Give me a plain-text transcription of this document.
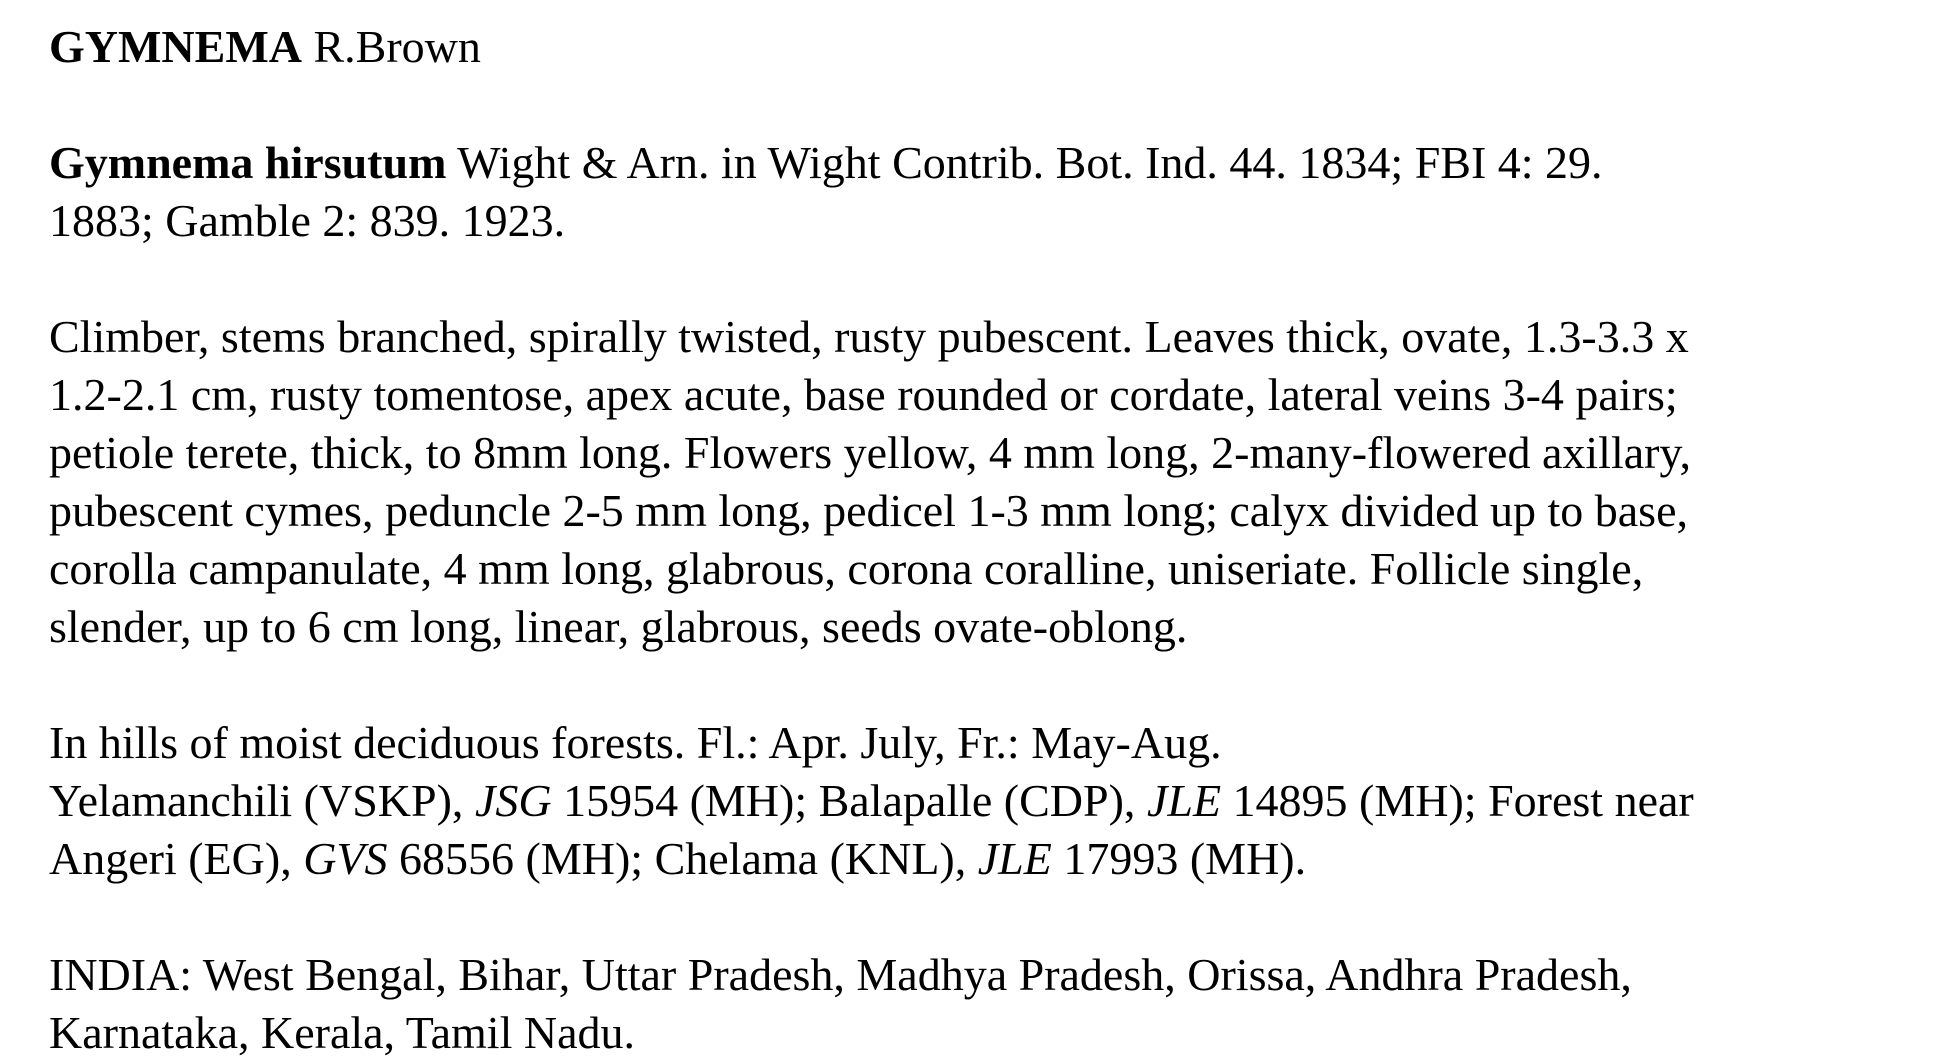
GYMNEMA R.Brown

Gymnema hirsutum Wight & Arn. in Wight Contrib. Bot. Ind. 44. 1834; FBI 4: 29.
1883; Gamble 2: 839. 1923.

Climber, stems branched, spirally twisted, rusty pubescent. Leaves thick, ovate, 1.3-3.3 x
1.2-2.1 cm, rusty tomentose, apex acute, base rounded or cordate, lateral veins 3-4 pairs;
petiole terete, thick, to 8mm long. Flowers yellow, 4 mm long, 2-many-flowered axillary,
pubescent cymes, peduncle 2-5 mm long, pedicel 1-3 mm long; calyx divided up to base,
corolla campanulate, 4 mm long, glabrous, corona coralline, uniseriate. Follicle single,
slender, up to 6 cm long, linear, glabrous, seeds ovate-oblong.

In hills of moist deciduous forests. Fl.: Apr. July, Fr.: May-Aug.
Yelamanchili (VSKP), JSG 15954 (MH); Balapalle (CDP), JLE 14895 (MH); Forest near
Angeri (EG), GVS 68556 (MH); Chelama (KNL), JLE 17993 (MH).

INDIA: West Bengal, Bihar, Uttar Pradesh, Madhya Pradesh, Orissa, Andhra Pradesh,
Karnataka, Kerala, Tamil Nadu.
